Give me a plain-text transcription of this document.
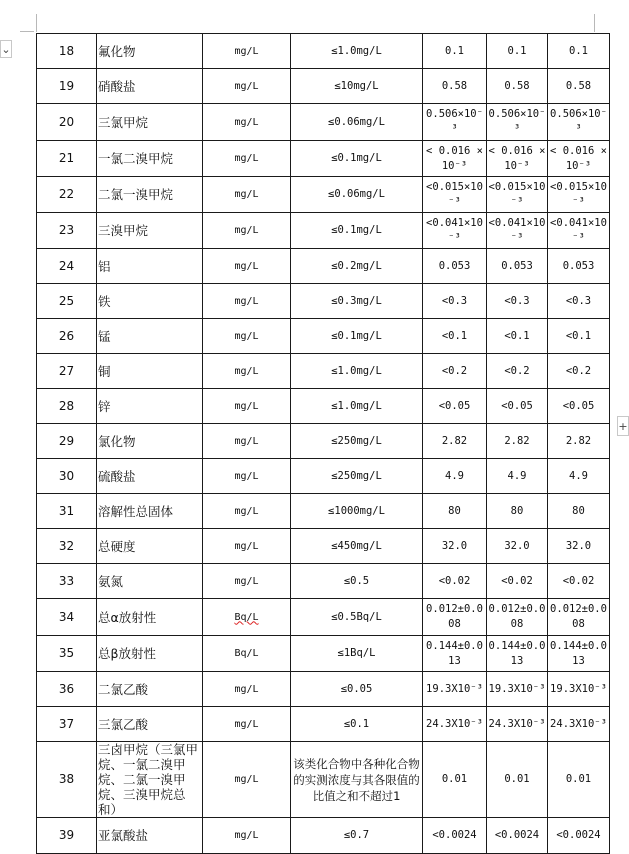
⌄
+
18	氟化物	mg/L	≤1.0mg/L	0.1	0.1	0.1
19	硝酸盐	mg/L	≤10mg/L	0.58	0.58	0.58
20	三氯甲烷	mg/L	≤0.06mg/L	0.506×10⁻³	0.506×10⁻³	0.506×10⁻³
21	一氯二溴甲烷	mg/L	≤0.1mg/L	< 0.016 ×10⁻³	< 0.016 ×10⁻³	< 0.016 ×10⁻³
22	二氯一溴甲烷	mg/L	≤0.06mg/L	<0.015×10⁻³	<0.015×10⁻³	<0.015×10⁻³
23	三溴甲烷	mg/L	≤0.1mg/L	<0.041×10⁻³	<0.041×10⁻³	<0.041×10⁻³
24	铝	mg/L	≤0.2mg/L	0.053	0.053	0.053
25	铁	mg/L	≤0.3mg/L	<0.3	<0.3	<0.3
26	锰	mg/L	≤0.1mg/L	<0.1	<0.1	<0.1
27	铜	mg/L	≤1.0mg/L	<0.2	<0.2	<0.2
28	锌	mg/L	≤1.0mg/L	<0.05	<0.05	<0.05
29	氯化物	mg/L	≤250mg/L	2.82	2.82	2.82
30	硫酸盐	mg/L	≤250mg/L	4.9	4.9	4.9
31	溶解性总固体	mg/L	≤1000mg/L	80	80	80
32	总硬度	mg/L	≤450mg/L	32.0	32.0	32.0
33	氨氮	mg/L	≤0.5	<0.02	<0.02	<0.02
34	总α放射性	Bq/L	≤0.5Bq/L	0.012±0.008	0.012±0.008	0.012±0.008
35	总β放射性	Bq/L	≤1Bq/L	0.144±0.013	0.144±0.013	0.144±0.013
36	二氯乙酸	mg/L	≤0.05	19.3X10⁻³	19.3X10⁻³	19.3X10⁻³
37	三氯乙酸	mg/L	≤0.1	24.3X10⁻³	24.3X10⁻³	24.3X10⁻³
38	三卤甲烷（三氯甲烷、一氯二溴甲烷、二氯一溴甲烷、三溴甲烷总和）	mg/L	该类化合物中各种化合物的实测浓度与其各限值的比值之和不超过1	0.01	0.01	0.01
39	亚氯酸盐	mg/L	≤0.7	<0.0024	<0.0024	<0.0024
